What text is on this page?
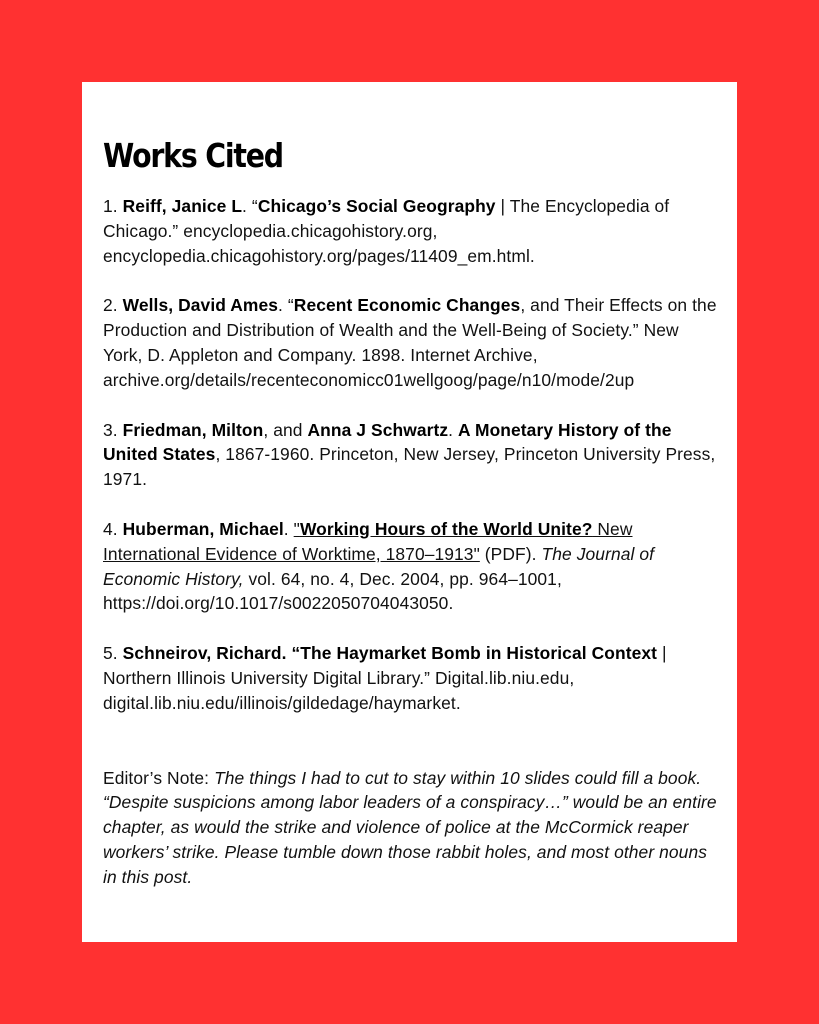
Works Cited
1. Reiff, Janice L. “Chicago’s Social Geography | The Encyclopedia of Chicago.” encyclopedia.chicagohistory.org, encyclopedia.chicagohistory.org/pages/11409_em.html.
2. Wells, David Ames. “Recent Economic Changes, and Their Effects on the Production and Distribution of Wealth and the Well-Being of Society.” New York, D. Appleton and Company. 1898. Internet Archive, archive.org/details/recenteconomicc01wellgoog/page/n10/mode/2up
3. Friedman, Milton, and Anna J Schwartz. A Monetary History of the United States, 1867-1960. Princeton, New Jersey, Princeton University Press, 1971.
4. Huberman, Michael. "Working Hours of the World Unite? New International Evidence of Worktime, 1870–1913" (PDF). The Journal of Economic History, vol. 64, no. 4, Dec. 2004, pp. 964–1001, https://doi.org/10.1017/s0022050704043050.
5. Schneirov, Richard. “The Haymarket Bomb in Historical Context | Northern Illinois University Digital Library.” Digital.lib.niu.edu, digital.lib.niu.edu/illinois/gildedage/haymarket.
Editor’s Note: The things I had to cut to stay within 10 slides could fill a book. “Despite suspicions among labor leaders of a conspiracy…” would be an entire chapter, as would the strike and violence of police at the McCormick reaper workers’ strike. Please tumble down those rabbit holes, and most other nouns in this post.
